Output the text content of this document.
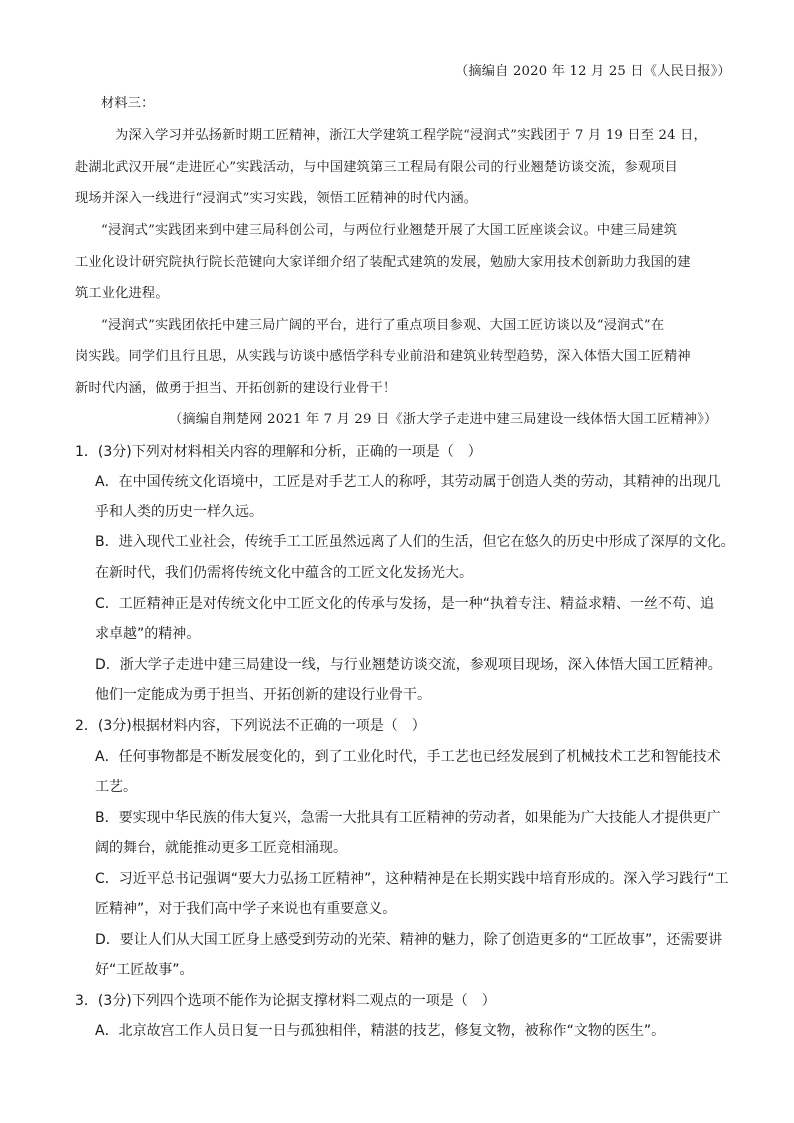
（摘编自 2020 年 12 月 25 日《人民日报》）
材料三：
为深入学习并弘扬新时期工匠精神，浙江大学建筑工程学院“浸润式”实践团于 7 月 19 日至 24 日，
赴湖北武汉开展“走进匠心”实践活动，与中国建筑第三工程局有限公司的行业翘楚访谈交流，参观项目
现场并深入一线进行“浸润式”实习实践，领悟工匠精神的时代内涵。
“浸润式”实践团来到中建三局科创公司，与两位行业翘楚开展了大国工匠座谈会议。中建三局建筑
工业化设计研究院执行院长范键向大家详细介绍了装配式建筑的发展，勉励大家用技术创新助力我国的建
筑工业化进程。
“浸润式”实践团依托中建三局广阔的平台，进行了重点项目参观、大国工匠访谈以及“浸润式”在
岗实践。同学们且行且思，从实践与访谈中感悟学科专业前沿和建筑业转型趋势，深入体悟大国工匠精神
新时代内涵，做勇于担当、开拓创新的建设行业骨干！
（摘编自荆楚网 2021 年 7 月 29 日《浙大学子走进中建三局建设一线体悟大国工匠精神》）
1．(3分)下列对材料相关内容的理解和分析，正确的一项是（　）
A．在中国传统文化语境中，工匠是对手艺工人的称呼，其劳动属于创造人类的劳动，其精神的出现几
乎和人类的历史一样久远。
B．进入现代工业社会，传统手工工匠虽然远离了人们的生活，但它在悠久的历史中形成了深厚的文化。
在新时代，我们仍需将传统文化中蕴含的工匠文化发扬光大。
C．工匠精神正是对传统文化中工匠文化的传承与发扬，是一种“执着专注、精益求精、一丝不苟、追
求卓越”的精神。
D．浙大学子走进中建三局建设一线，与行业翘楚访谈交流，参观项目现场，深入体悟大国工匠精神。
他们一定能成为勇于担当、开拓创新的建设行业骨干。
2．(3分)根据材料内容，下列说法不正确的一项是（　）
A．任何事物都是不断发展变化的，到了工业化时代，手工艺也已经发展到了机械技术工艺和智能技术
工艺。
B．要实现中华民族的伟大复兴，急需一大批具有工匠精神的劳动者，如果能为广大技能人才提供更广
阔的舞台，就能推动更多工匠竞相涌现。
C．习近平总书记强调“要大力弘扬工匠精神”，这种精神是在长期实践中培育形成的。深入学习践行“工
匠精神”，对于我们高中学子来说也有重要意义。
D．要让人们从大国工匠身上感受到劳动的光荣、精神的魅力，除了创造更多的“工匠故事”，还需要讲
好“工匠故事”。
3．(3分)下列四个选项不能作为论据支撑材料二观点的一项是（　）
A．北京故宫工作人员日复一日与孤独相伴，精湛的技艺，修复文物，被称作“文物的医生”。
